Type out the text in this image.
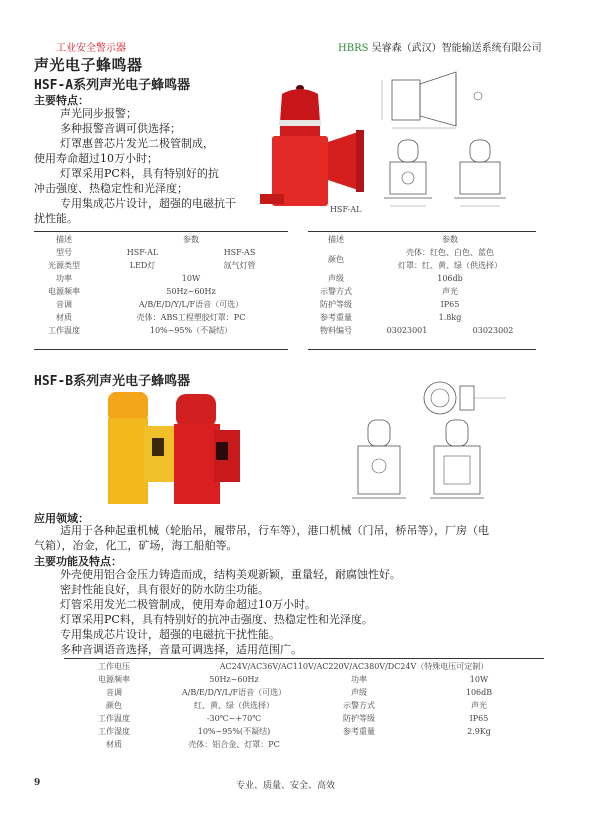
工业安全警示器	HBRS 吴睿森（武汉）智能输送系统有限公司
声光电子蜂鸣器
HSF-A系列声光电子蜂鸣器
主要特点：
声光同步报警；
多种报警音调可供选择；
灯罩惠普芯片发光二极管制成，
使用寿命超过10万小时；
灯罩采用PC料，具有特别好的抗
冲击强度、热稳定性和光泽度；
专用集成芯片设计，超强的电磁抗干
扰性能。
HSF-AL
描述	参数	
型号	HSF-AL	HSF-AS
光源类型	LED灯	氙气灯管
功率	10W	
电源频率	50Hz~60Hz	
音调	A/B/E/D/Y/L/F语音（可选）	
材质	壳体：ABS工程塑胶灯罩：PC	
工作温度	10%~95%（不凝结）	
描述	参数	
颜色	壳体：红色、白色、蓝色	
	灯罩：红、黄、绿（供选择）	
声级	106db	
示警方式	声光	
防护等级	IP65	
参考重量	1.8kg	
物料编号	03023001	03023002
HSF-B系列声光电子蜂鸣器
应用领域：
适用于各种起重机械（轮胎吊，履带吊，行车等），港口机械（门吊，桥吊等），厂房（电
气箱），冶金，化工，矿场，海工船舶等。
主要功能及特点：
外壳使用铝合金压力铸造而成，结构美观新颖，重量轻，耐腐蚀性好。
密封性能良好，具有很好的防水防尘功能。
灯管采用发光二极管制成，使用寿命超过10万小时。
灯罩采用PC料，具有特别好的抗冲击强度、热稳定性和光泽度。
专用集成芯片设计，超强的电磁抗干扰性能。
多种音调语音选择，音量可调选择，适用范围广。
工作电压	AC24V/AC36V/AC110V/AC220V/AC380V/DC24V（特殊电压可定制）		
电源频率	50Hz~60Hz	功率	10W
音调	A/B/E/D/Y/L/F语音（可选）	声级	106dB
颜色	红、黄、绿（供选择）	示警方式	声光
工作温度	-30℃~+70℃	防护等级	IP65
工作湿度	10%~95%(不凝结)	参考重量	2.9Kg
材质	壳体：铝合金、灯罩：PC		
9	专业、质量、安全、高效
